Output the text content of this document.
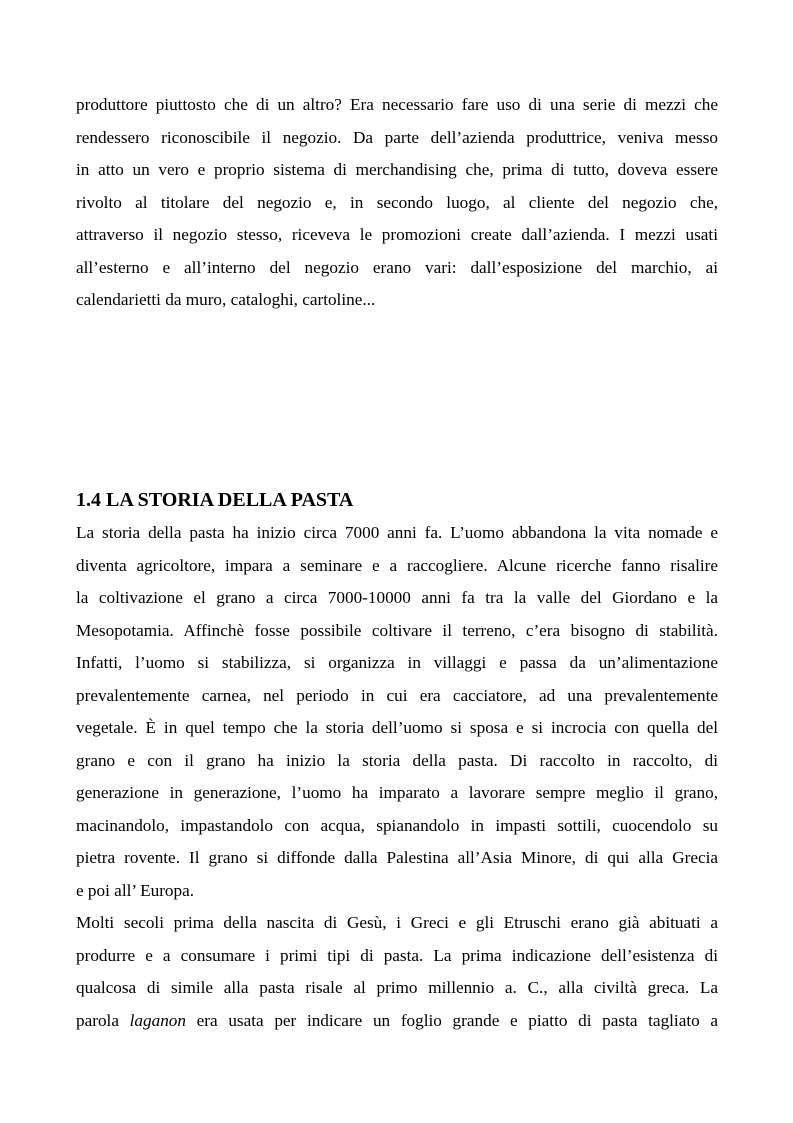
produttore piuttosto che di un altro? Era necessario fare uso di una serie di mezzi che
rendessero riconoscibile il negozio. Da parte dell’azienda produttrice, veniva messo
in atto un vero e proprio sistema di merchandising che, prima di tutto, doveva essere
rivolto al titolare del negozio e, in secondo luogo, al cliente del negozio che,
attraverso il negozio stesso, riceveva le promozioni create dall’azienda. I mezzi usati
all’esterno e all’interno del negozio erano vari: dall’esposizione del marchio, ai
calendarietti da muro, cataloghi, cartoline...

1.4 LA STORIA DELLA PASTA

La storia della pasta ha inizio circa 7000 anni fa. L’uomo abbandona la vita nomade e
diventa agricoltore, impara a seminare e a raccogliere. Alcune ricerche fanno risalire
la coltivazione el grano a circa 7000-10000 anni fa tra la valle del Giordano e la
Mesopotamia. Affinchè fosse possibile coltivare il terreno, c’era bisogno di stabilità.
Infatti, l’uomo si stabilizza, si organizza in villaggi e passa da un’alimentazione
prevalentemente carnea, nel periodo in cui era cacciatore, ad una prevalentemente
vegetale. È in quel tempo che la storia dell’uomo si sposa e si incrocia con quella del
grano e con il grano ha inizio la storia della pasta. Di raccolto in raccolto, di
generazione in generazione, l’uomo ha imparato a lavorare sempre meglio il grano,
macinandolo, impastandolo con acqua, spianandolo in impasti sottili, cuocendolo su
pietra rovente. Il grano si diffonde dalla Palestina all’Asia Minore, di qui alla Grecia
e poi all’ Europa.

Molti secoli prima della nascita di Gesù, i Greci e gli Etruschi erano già abituati a
produrre e a consumare i primi tipi di pasta. La prima indicazione dell’esistenza di
qualcosa di simile alla pasta risale al primo millennio a. C., alla civiltà greca. La
parola laganon era usata per indicare un foglio grande e piatto di pasta tagliato a
